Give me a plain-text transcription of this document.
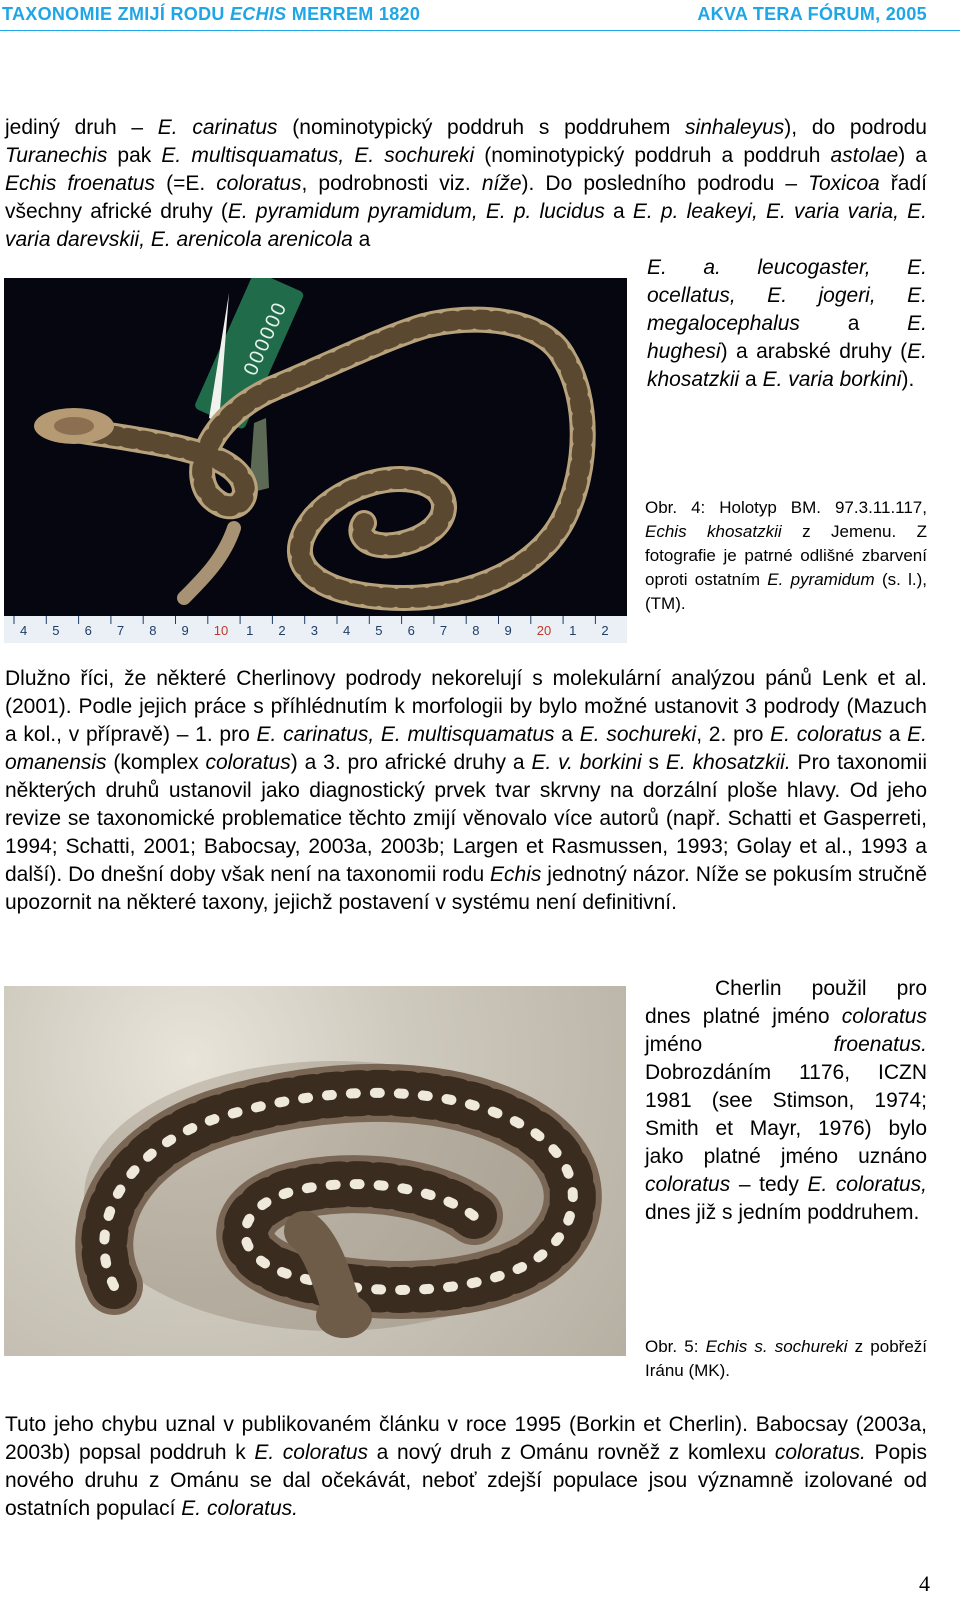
TAXONOMIE ZMIJÍ RODU ECHIS MERREM 1820	AKVA TERA FÓRUM, 2005
jediný druh – E. carinatus (nominotypický poddruh s poddruhem sinhaleyus), do podrodu Turanechis pak E. multisquamatus, E. sochureki (nominotypický poddruh a poddruh astolae) a Echis froenatus (=E. coloratus, podrobnosti viz. níže). Do posledního podrodu – Toxicoa řadí všechny africké druhy (E. pyramidum pyramidum, E. p. lucidus a E. p. leakeyi, E. varia varia, E. varia darevskii, E. arenicola arenicola a
000000
4 5 6 7 8 9 10 1 2 3 4 5 6 7 8 9 20 1 2
E. a. leucogaster, E. ocellatus, E. jogeri, E. megalocephalus a E. hughesi) a arabské druhy (E. khosatzkii a E. varia borkini).
Obr. 4: Holotyp BM. 97.3.11.117, Echis khosatzkii z Jemenu. Z fotografie je patrné odlišné zbarvení oproti ostatním E. pyramidum (s. l.), (TM).
Dlužno říci, že některé Cherlinovy podrody nekorelují s molekulární analýzou pánů Lenk et al. (2001). Podle jejich práce s příhlédnutím k morfologii by bylo možné ustanovit 3 podrody (Mazuch a kol., v přípravě) – 1. pro E. carinatus, E. multisquamatus a E. sochureki, 2. pro E. coloratus a E. omanensis (komplex coloratus) a 3. pro africké druhy a E. v. borkini s E. khosatzkii. Pro taxonomii některých druhů ustanovil jako diagnostický prvek tvar skrvny na dorzální ploše hlavy. Od jeho revize se taxonomické problematice těchto zmijí věnovalo více autorů (např. Schatti et Gasperreti, 1994; Schatti, 2001; Babocsay, 2003a, 2003b; Largen et Rasmussen, 1993; Golay et al., 1993 a další). Do dnešní doby však není na taxonomii rodu Echis jednotný názor. Níže se pokusím stručně upozornit na některé taxony, jejichž postavení v systému není definitivní.
Cherlin použil pro dnes platné jméno coloratus jméno froenatus. Dobrozdáním 1176, ICZN 1981 (see Stimson, 1974; Smith et Mayr, 1976) bylo jako platné jméno uznáno coloratus – tedy E. coloratus, dnes již s jedním poddruhem.
Obr. 5: Echis s. sochureki z pobřeží Iránu (MK).
Tuto jeho chybu uznal v publikovaném článku v roce 1995 (Borkin et Cherlin). Babocsay (2003a, 2003b) popsal poddruh k E. coloratus a nový druh z Ománu rovněž z komlexu coloratus. Popis nového druhu z Ománu se dal očekávát, neboť zdejší populace jsou významně izolované od ostatních populací E. coloratus.
4
